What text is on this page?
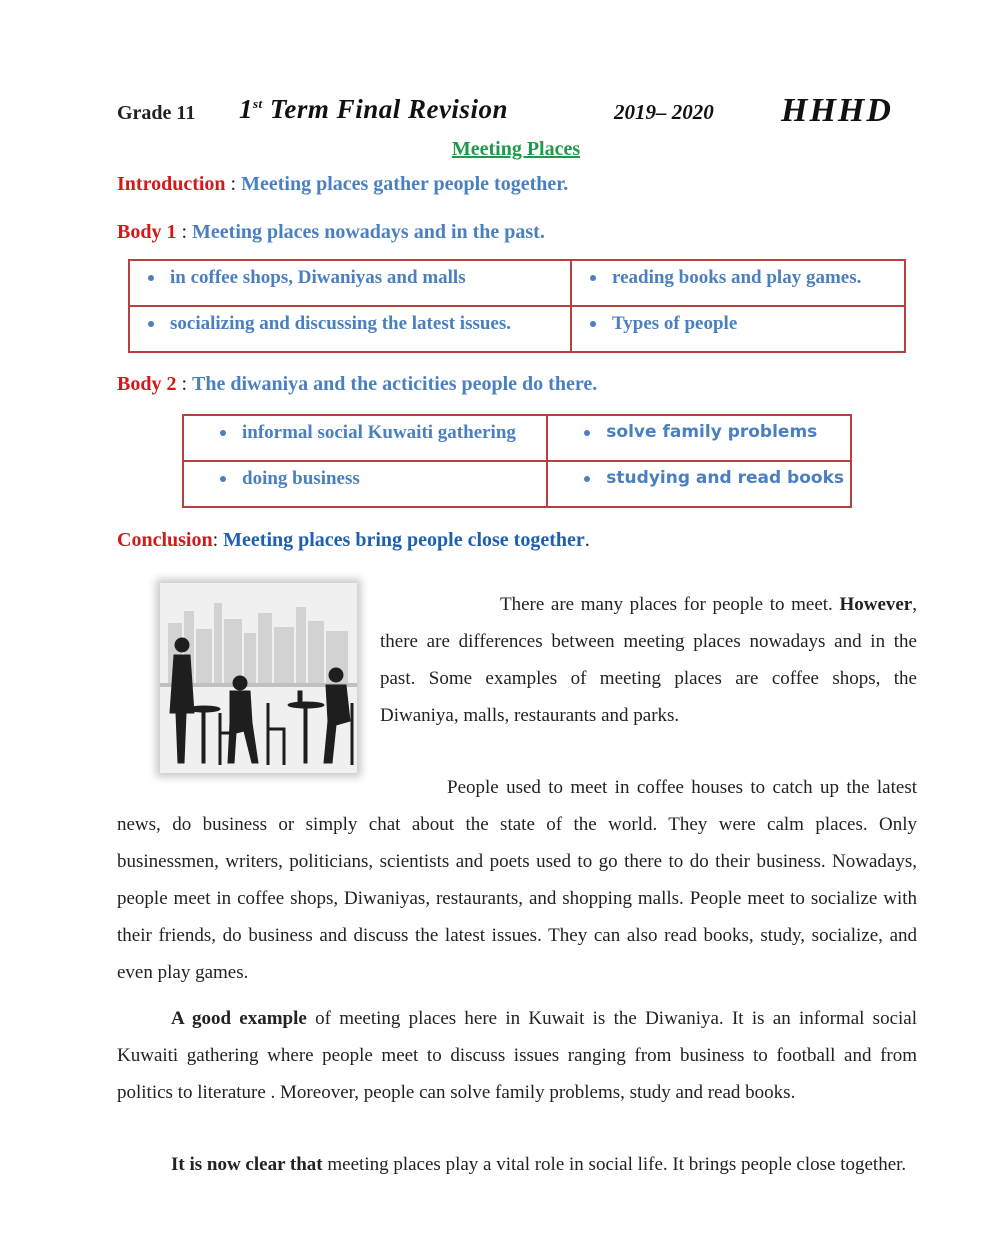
Grade 11 1st Term Final Revision	2019– 2020 HHHD
Meeting Places
Introduction : Meeting places gather people together.
Body 1 : Meeting places nowadays and in the past.
in coffee shops, Diwaniyas and malls	reading books and play games.

socializing and discussing the latest issues.	Types of people
Body 2 : The diwaniya and the acticities people do there.
informal social Kuwaiti gathering	solve family problems

doing business	studying and read books
Conclusion: Meeting places bring people close together.
There are many places for people to meet. However, there are differences between meeting places nowadays and in the past. Some examples of meeting places are coffee shops, the Diwaniya, malls, restaurants and parks.
People used to meet in coffee houses to catch up the latest news, do business or simply chat about the state of the world. They were calm places. Only businessmen, writers, politicians, scientists and poets used to go there to do their business. Nowadays, people meet in coffee shops, Diwaniyas, restaurants, and shopping malls. People meet to socialize with their friends, do business and discuss the latest issues. They can also read books, study, socialize, and even play games.
A good example of meeting places here in Kuwait is the Diwaniya. It is an informal social Kuwaiti gathering where people meet to discuss issues ranging from business to football and from politics to literature . Moreover, people can solve family problems, study and read books.
It is now clear that meeting places play a vital role in social life. It brings people close together.
